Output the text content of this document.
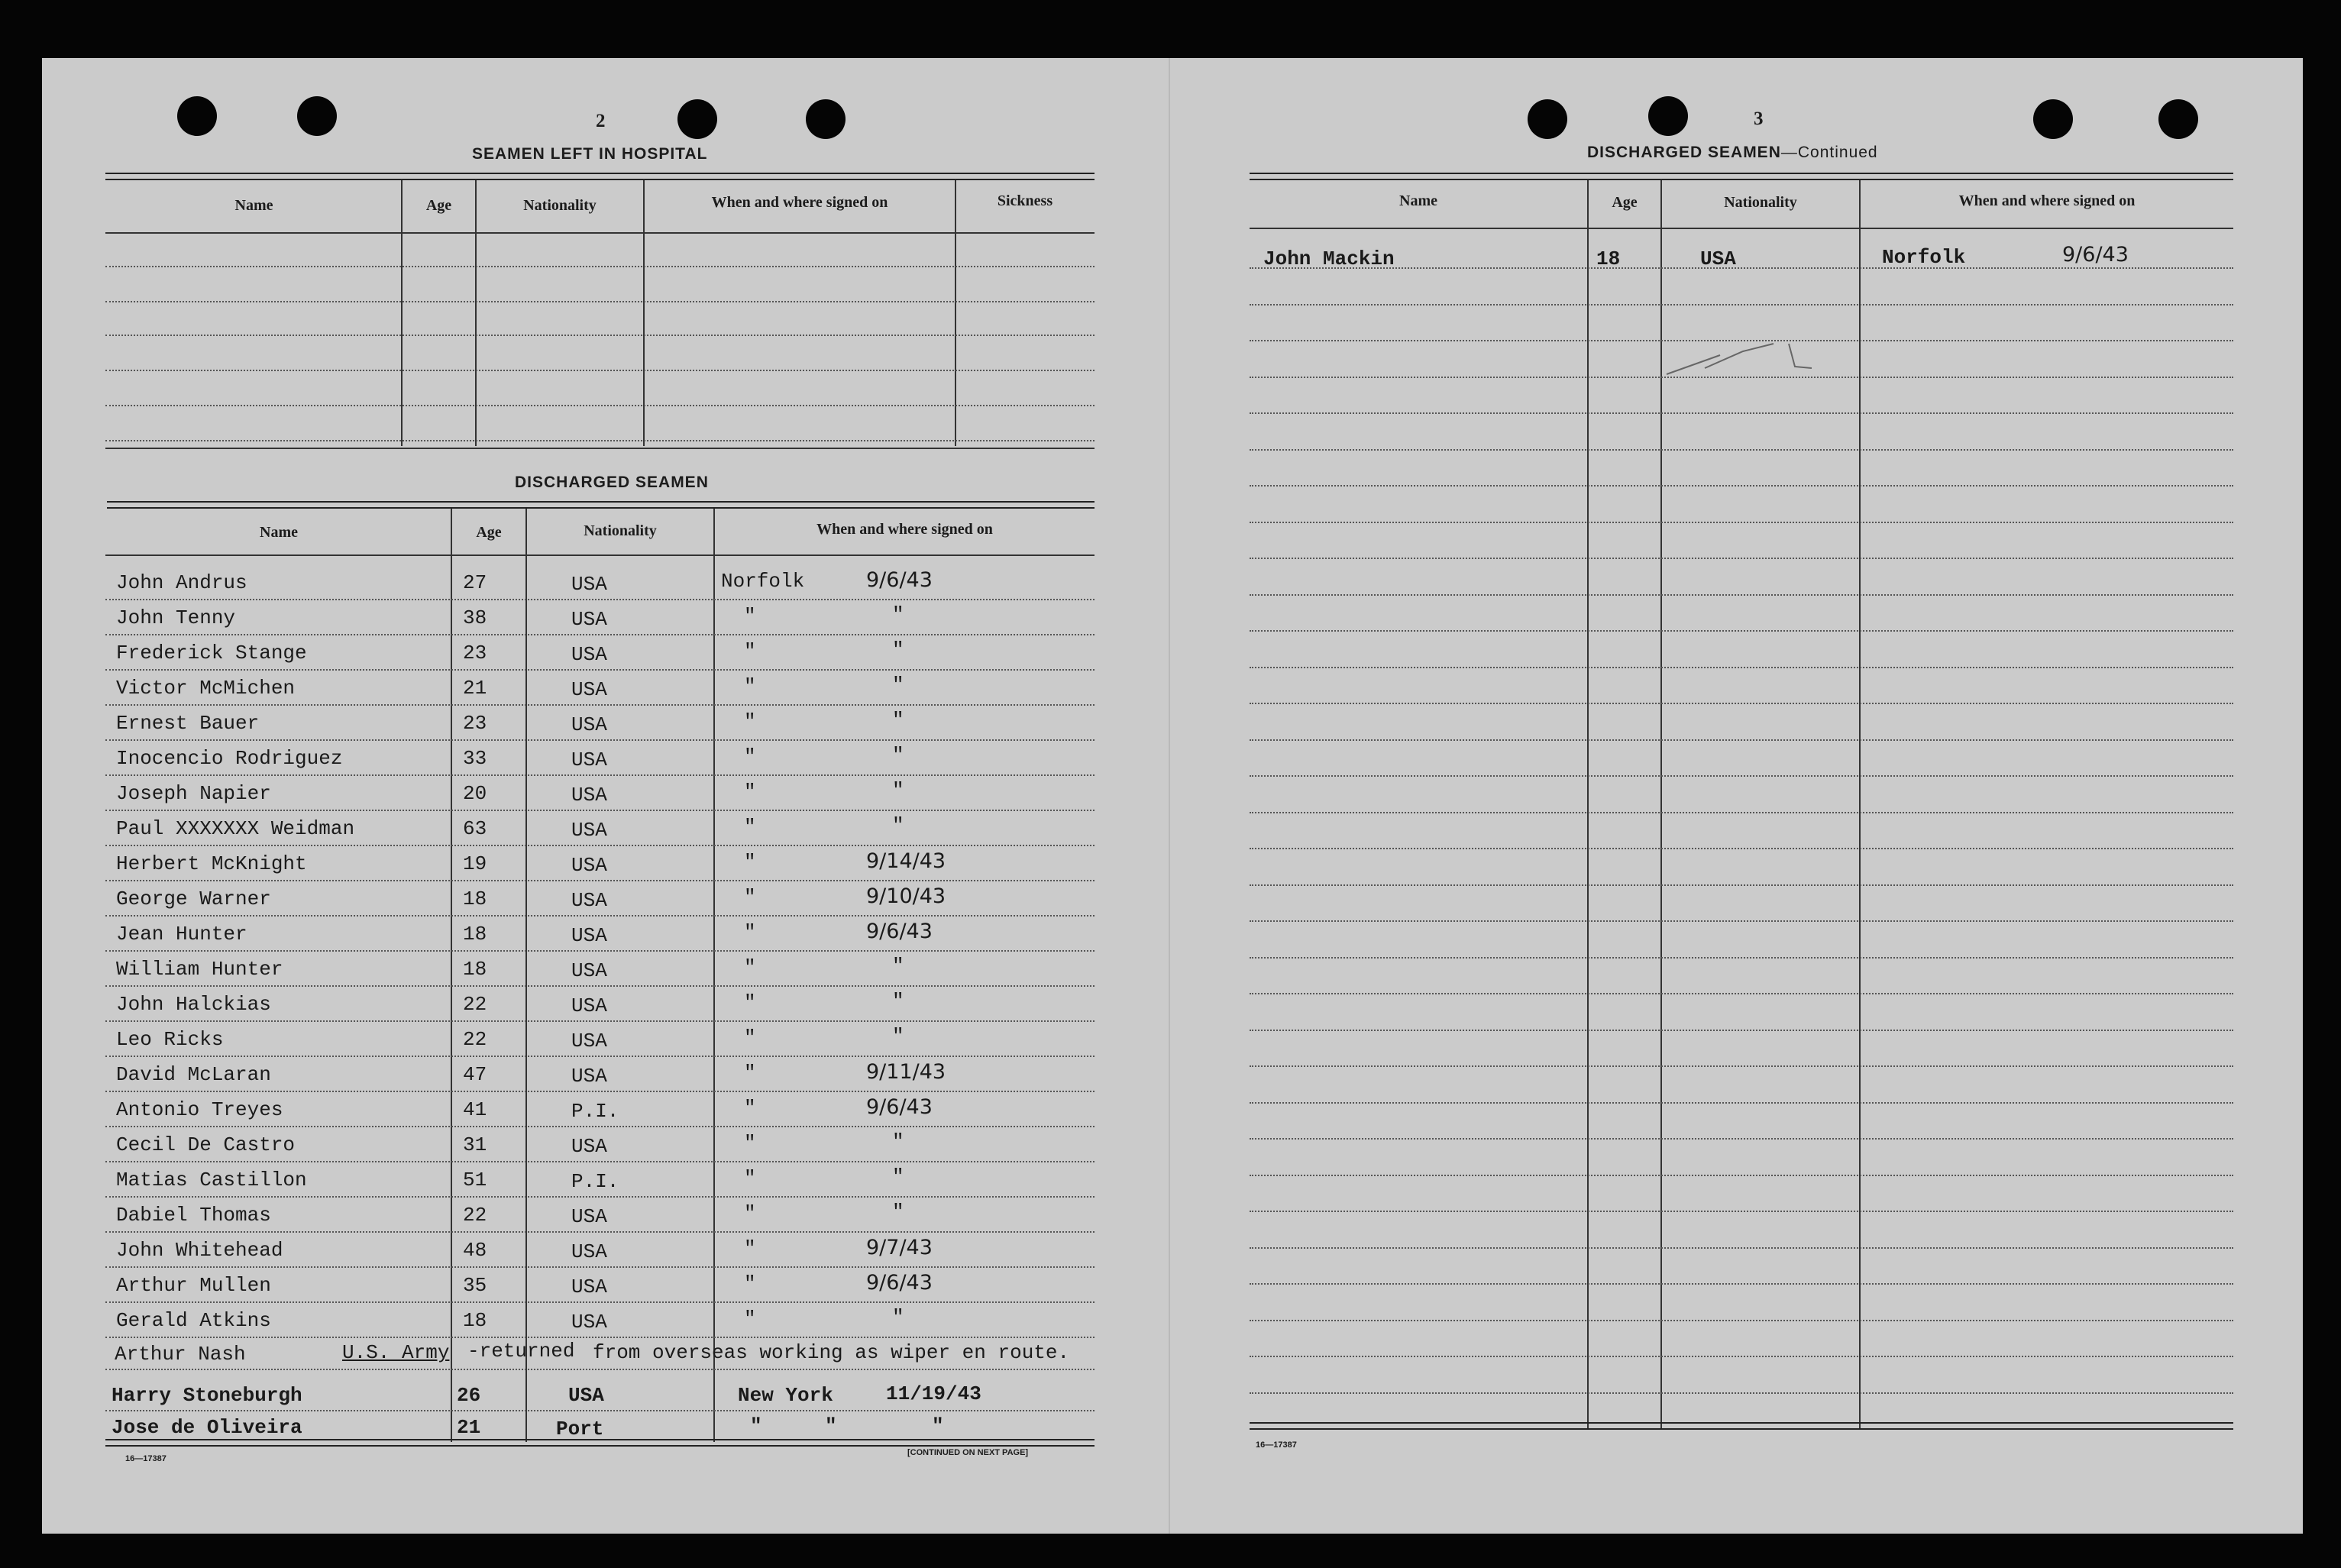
2
SEAMEN LEFT IN HOSPITAL
Name	Age	Nationality	When and where signed on	Sickness
DISCHARGED SEAMEN
Name	Age	Nationality	When and where signed on
John Andrus	27	USA	Norfolk	9/6/43
John Tenny	38	USA	"	"
Frederick Stange	23	USA	"	"
Victor McMichen	21	USA	"	"
Ernest Bauer	23	USA	"	"
Inocencio Rodriguez	33	USA	"	"
Joseph Napier	20	USA	"	"
Paul XXXXXXX Weidman	63	USA	"	"
Herbert McKnight	19	USA	"	9/14/43
George Warner	18	USA	"	9/10/43
Jean Hunter	18	USA	"	9/6/43
William Hunter	18	USA	"	"
John Halckias	22	USA	"	"
Leo Ricks	22	USA	"	"
David McLaran	47	USA	"	9/11/43
Antonio Treyes	41	P.I.	"	9/6/43
Cecil De Castro	31	USA	"	"
Matias Castillon	51	P.I.	"	"
Dabiel Thomas	22	USA	"	"
John Whitehead	48	USA	"	9/7/43
Arthur Mullen	35	USA	"	9/6/43
Gerald Atkins	18	USA	"	"
Arthur Nash	U.S. Army -returned from overseas working as wiper en route.
Harry Stoneburgh	26	USA	New York	11/19/43
Jose de Oliveira	21	Port	"	"	"
16—17387
[CONTINUED ON NEXT PAGE]
3
DISCHARGED SEAMEN—Continued
Name	Age	Nationality	When and where signed on
John Mackin	18	USA	Norfolk	9/6/43
16—17387
